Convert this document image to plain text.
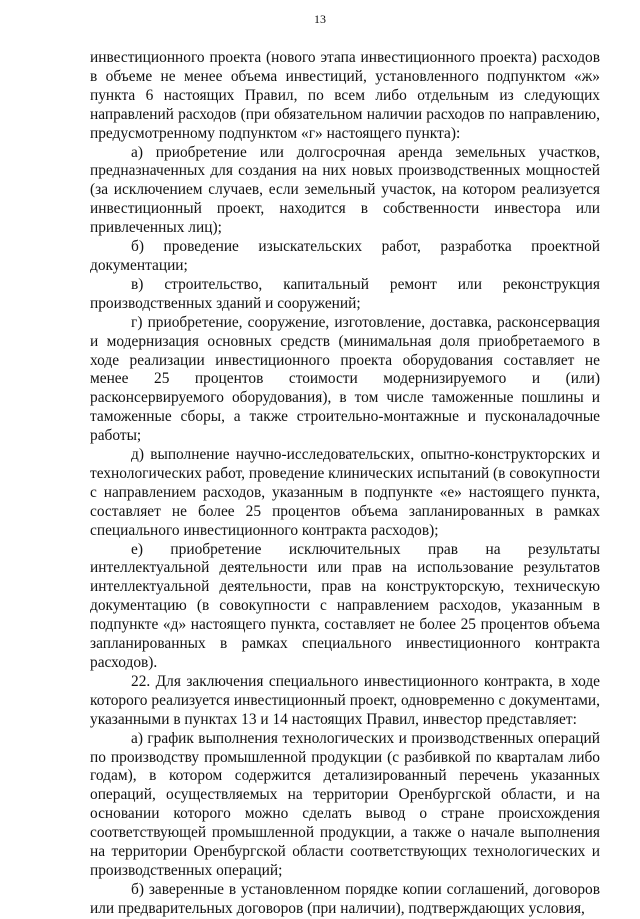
13

инвестиционного проекта (нового этапа инвестиционного проекта) расходов в объеме не менее объема инвестиций, установленного подпунктом «ж» пункта 6 настоящих Правил, по всем либо отдельным из следующих направлений расходов (при обязательном наличии расходов по направлению, предусмотренному подпунктом «г» настоящего пункта):

а) приобретение или долгосрочная аренда земельных участков, предназначенных для создания на них новых производственных мощностей (за исключением случаев, если земельный участок, на котором реализуется инвестиционный проект, находится в собственности инвестора или привлеченных лиц);

б) проведение изыскательских работ, разработка проектной документации;

в) строительство, капитальный ремонт или реконструкция производственных зданий и сооружений;

г) приобретение, сооружение, изготовление, доставка, расконсервация и модернизация основных средств (минимальная доля приобретаемого в ходе реализации инвестиционного проекта оборудования составляет не менее 25 процентов стоимости модернизируемого и (или) расконсервируемого оборудования), в том числе таможенные пошлины и таможенные сборы, а также строительно-монтажные и пусконаладочные работы;

д) выполнение научно-исследовательских, опытно-конструкторских и технологических работ, проведение клинических испытаний (в совокупности с направлением расходов, указанным в подпункте «е» настоящего пункта, составляет не более 25 процентов объема запланированных в рамках специального инвестиционного контракта расходов);

е) приобретение исключительных прав на результаты интеллектуальной деятельности или прав на использование результатов интеллектуальной деятельности, прав на конструкторскую, техническую документацию (в совокупности с направлением расходов, указанным в подпункте «д» настоящего пункта, составляет не более 25 процентов объема запланированных в рамках специального инвестиционного контракта расходов).

22. Для заключения специального инвестиционного контракта, в ходе которого реализуется инвестиционный проект, одновременно с документами, указанными в пунктах 13 и 14 настоящих Правил, инвестор представляет:

а) график выполнения технологических и производственных операций по производству промышленной продукции (с разбивкой по кварталам либо годам), в котором содержится детализированный перечень указанных операций, осуществляемых на территории Оренбургской области, и на основании которого можно сделать вывод о стране происхождения соответствующей промышленной продукции, а также о начале выполнения на территории Оренбургской области соответствующих технологических и производственных операций;

б) заверенные в установленном порядке копии соглашений, договоров или предварительных договоров (при наличии), подтверждающих условия,
